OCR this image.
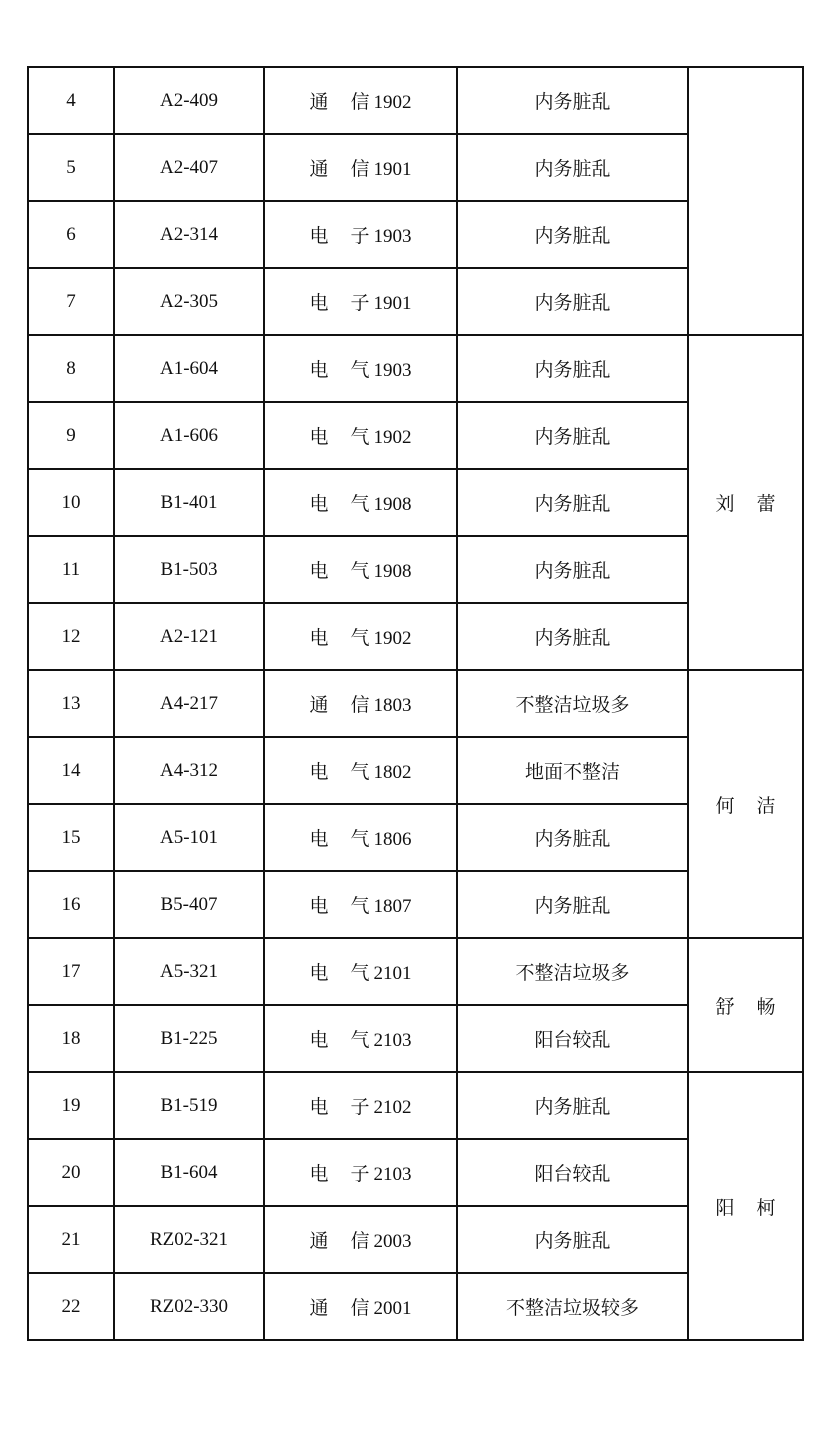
4	A2-409	通 信 1902	内务脏乱	
5	A2-407	通 信 1901	内务脏乱	
6	A2-314	电 子 1903	内务脏乱	
7	A2-305	电 子 1901	内务脏乱	
8	A1-604	电 气 1903	内务脏乱	刘蕾
9	A1-606	电 气 1902	内务脏乱	
10	B1-401	电 气 1908	内务脏乱	
11	B1-503	电 气 1908	内务脏乱	
12	A2-121	电 气 1902	内务脏乱	
13	A4-217	通 信 1803	不整洁垃圾多	何洁
14	A4-312	电 气 1802	地面不整洁	
15	A5-101	电 气 1806	内务脏乱	
16	B5-407	电 气 1807	内务脏乱	
17	A5-321	电 气 2101	不整洁垃圾多	舒畅
18	B1-225	电 气 2103	阳台较乱	
19	B1-519	电 子 2102	内务脏乱	阳柯
20	B1-604	电 子 2103	阳台较乱	
21	RZ02-321	通 信 2003	内务脏乱	
22	RZ02-330	通 信 2001	不整洁垃圾较多	
